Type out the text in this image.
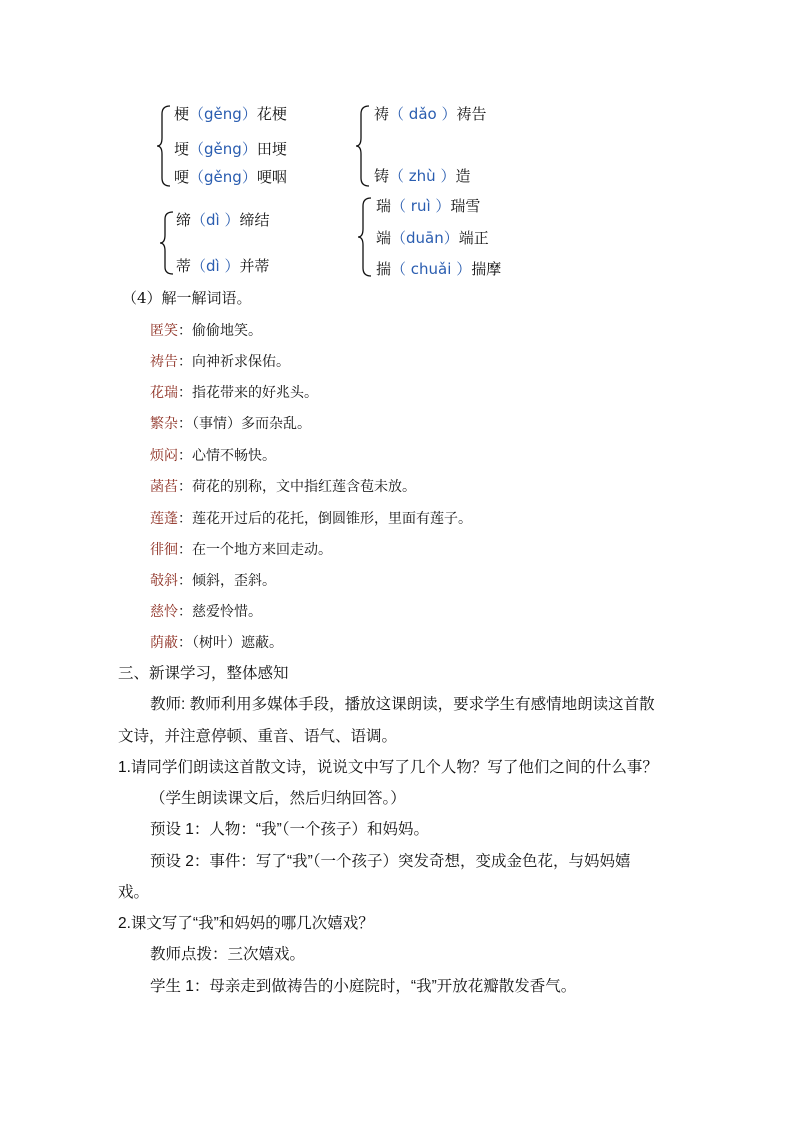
梗（gěng）花梗
埂（gěng）田埂
哽（gěng）哽咽
祷（ dǎo ）祷告
铸（ zhù ）造
缔（dì ）缔结
蒂（dì ）并蒂
瑞（ ruì ）瑞雪
端（duān）端正
揣（ chuǎi ）揣摩
（4）解一解词语。
匿笑：偷偷地笑。
祷告：向神祈求保佑。
花瑞：指花带来的好兆头。
繁杂：（事情）多而杂乱。
烦闷：心情不畅快。
菡萏：荷花的别称，文中指红莲含苞未放。
莲蓬：莲花开过后的花托，倒圆锥形，里面有莲子。
徘徊：在一个地方来回走动。
攲斜：倾斜，歪斜。
慈怜：慈爱怜惜。
荫蔽：（树叶）遮蔽。
三、新课学习，整体感知
教师: 教师利用多媒体手段，播放这课朗读，要求学生有感情地朗读这首散
文诗，并注意停顿、重音、语气、语调。
1.请同学们朗读这首散文诗，说说文中写了几个人物？写了他们之间的什么事？
（学生朗读课文后，然后归纳回答。）
预设 1：人物：“我”（一个孩子）和妈妈。
预设 2：事件：写了“我”（一个孩子）突发奇想，变成金色花，与妈妈嬉
戏。
2.课文写了“我”和妈妈的哪几次嬉戏？
教师点拨：三次嬉戏。
学生 1：母亲走到做祷告的小庭院时，“我”开放花瓣散发香气。
